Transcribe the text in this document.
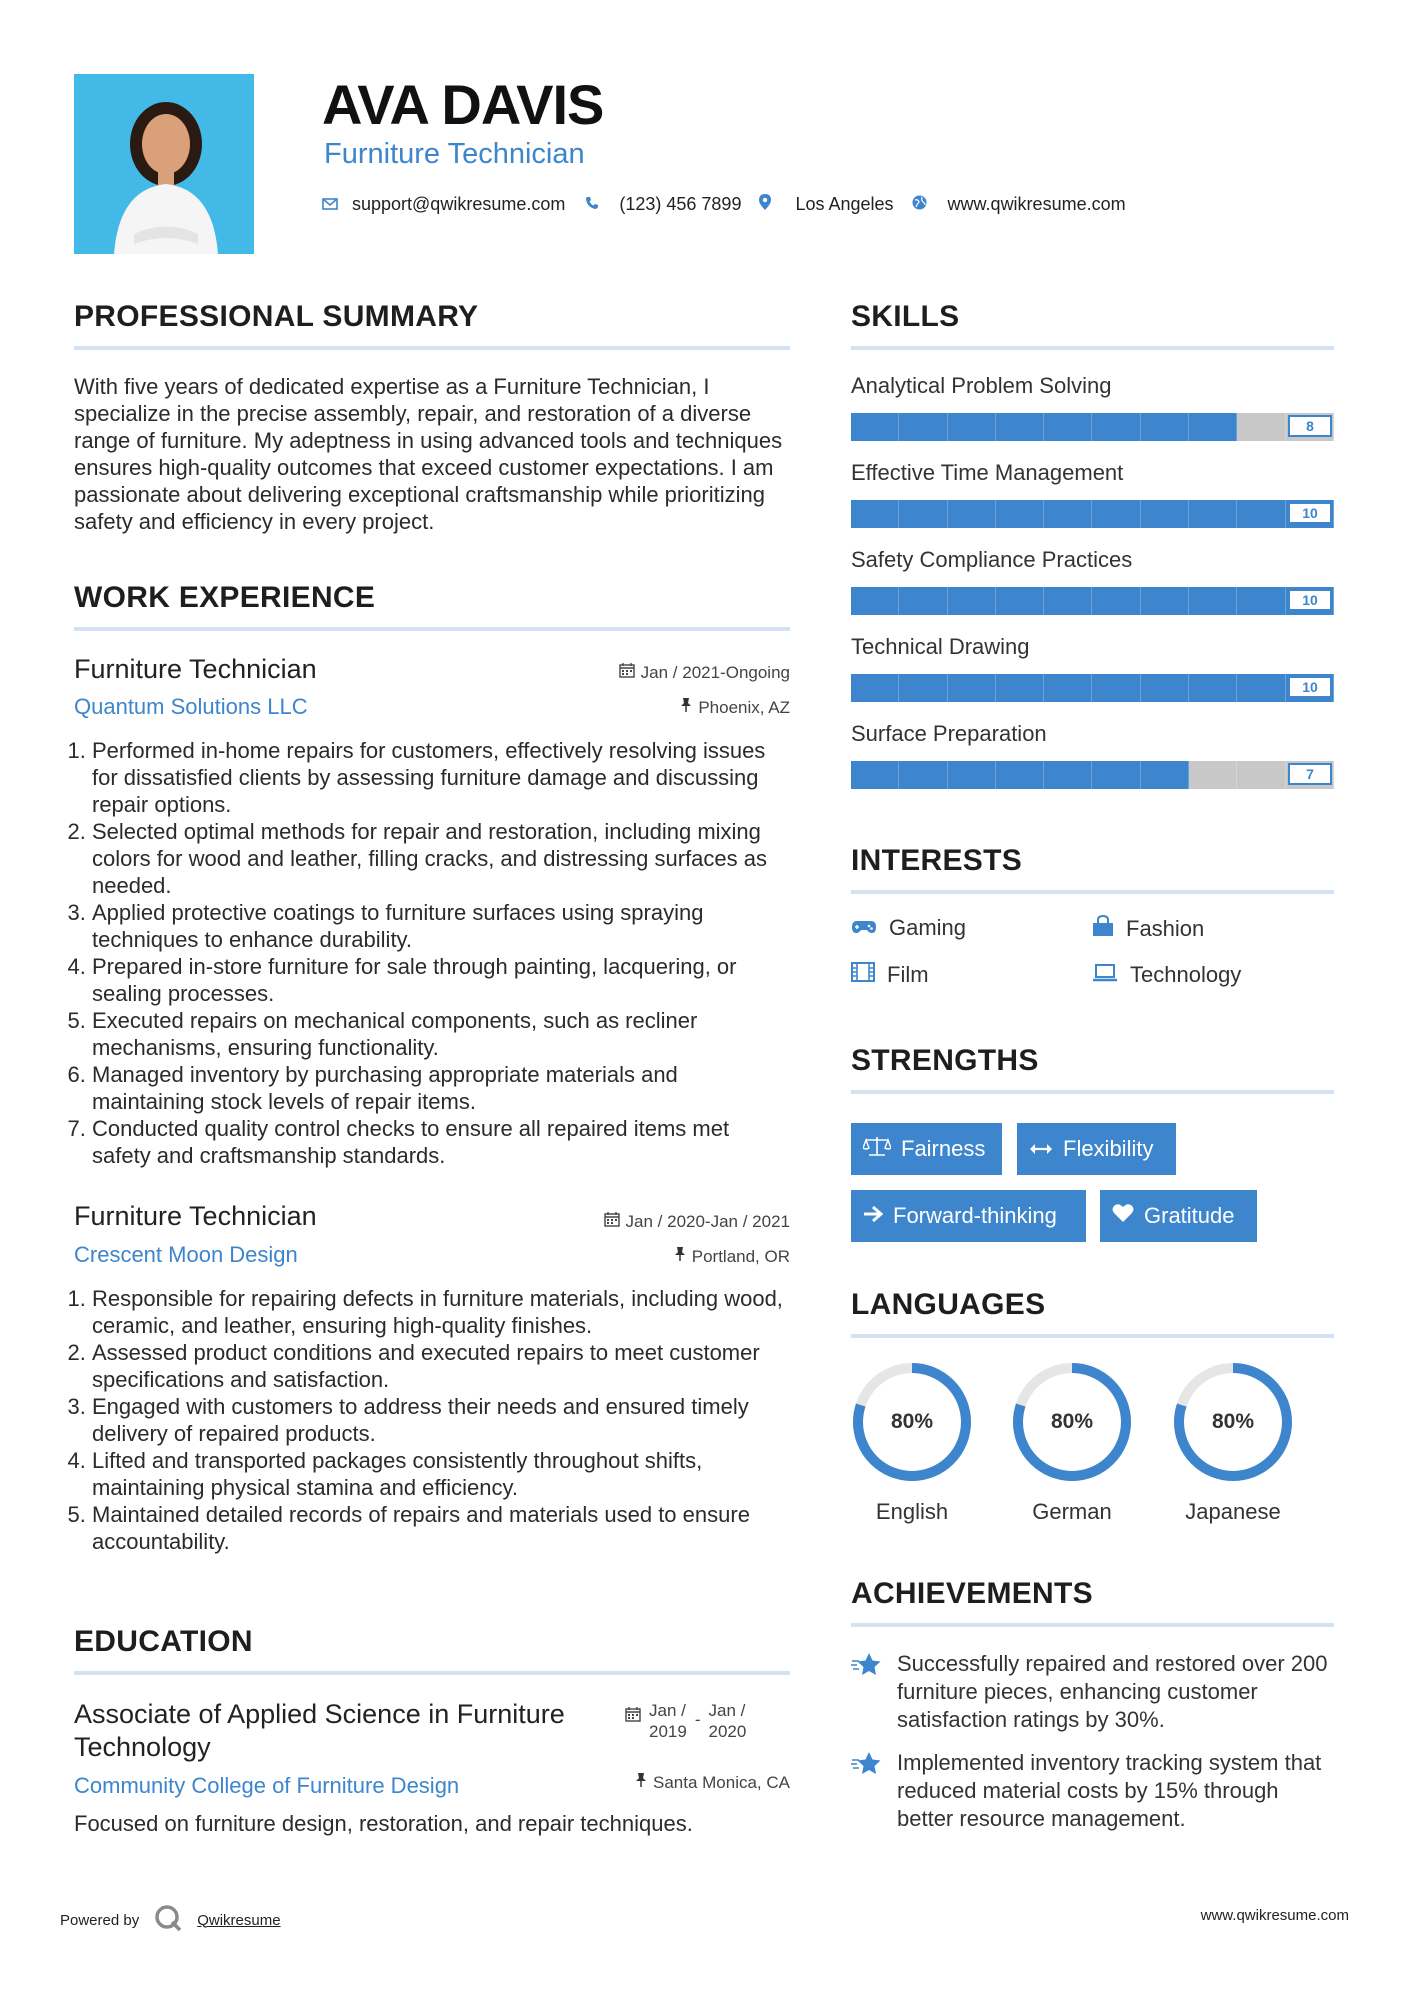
AVA DAVIS
Furniture Technician
support@qwikresume.com	(123) 456 7899	Los Angeles	www.qwikresume.com
PROFESSIONAL SUMMARY
With five years of dedicated expertise as a Furniture Technician, I specialize in the precise assembly, repair, and restoration of a diverse range of furniture. My adeptness in using advanced tools and techniques ensures high-quality outcomes that exceed customer expectations. I am passionate about delivering exceptional craftsmanship while prioritizing safety and efficiency in every project.
WORK EXPERIENCE
Furniture Technician	Jan / 2021-Ongoing
Quantum Solutions LLC	Phoenix, AZ
1. Performed in-home repairs for customers, effectively resolving issues for dissatisfied clients by assessing furniture damage and discussing repair options.
2. Selected optimal methods for repair and restoration, including mixing colors for wood and leather, filling cracks, and distressing surfaces as needed.
3. Applied protective coatings to furniture surfaces using spraying techniques to enhance durability.
4. Prepared in-store furniture for sale through painting, lacquering, or sealing processes.
5. Executed repairs on mechanical components, such as recliner mechanisms, ensuring functionality.
6. Managed inventory by purchasing appropriate materials and maintaining stock levels of repair items.
7. Conducted quality control checks to ensure all repaired items met safety and craftsmanship standards.
Furniture Technician	Jan / 2020-Jan / 2021
Crescent Moon Design	Portland, OR
1. Responsible for repairing defects in furniture materials, including wood, ceramic, and leather, ensuring high-quality finishes.
2. Assessed product conditions and executed repairs to meet customer specifications and satisfaction.
3. Engaged with customers to address their needs and ensured timely delivery of repaired products.
4. Lifted and transported packages consistently throughout shifts, maintaining physical stamina and efficiency.
5. Maintained detailed records of repairs and materials used to ensure accountability.
EDUCATION
Associate of Applied Science in Furniture Technology
Jan /
2019
- Jan /
2020
Community College of Furniture Design	Santa Monica, CA
Focused on furniture design, restoration, and repair techniques.
SKILLS
Analytical Problem Solving
8
Effective Time Management
10
Safety Compliance Practices
10
Technical Drawing
10
Surface Preparation
7
INTERESTS
Gaming	Fashion
Film	Technology
STRENGTHS
Fairness	Flexibility
Forward-thinking	Gratitude
LANGUAGES
80%
English
80%
German
80%
Japanese
ACHIEVEMENTS
Successfully repaired and restored over 200 furniture pieces, enhancing customer satisfaction ratings by 30%.
Implemented inventory tracking system that reduced material costs by 15% through better resource management.
Powered by	Qwikresume	www.qwikresume.com
